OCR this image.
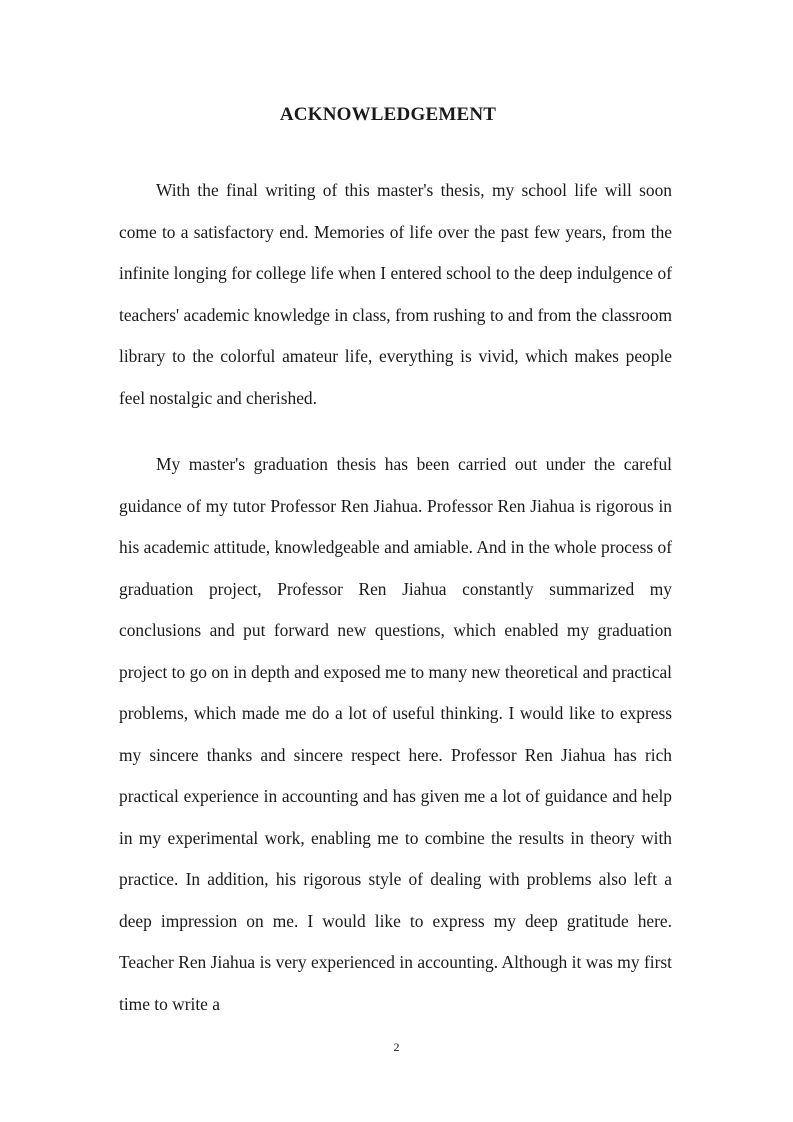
ACKNOWLEDGEMENT

With the final writing of this master's thesis, my school life will soon come to a satisfactory end. Memories of life over the past few years, from the infinite longing for college life when I entered school to the deep indulgence of teachers' academic knowledge in class, from rushing to and from the classroom library to the colorful amateur life, everything is vivid, which makes people feel nostalgic and cherished.

My master's graduation thesis has been carried out under the careful guidance of my tutor Professor Ren Jiahua. Professor Ren Jiahua is rigorous in his academic attitude, knowledgeable and amiable. And in the whole process of graduation project, Professor Ren Jiahua constantly summarized my conclusions and put forward new questions, which enabled my graduation project to go on in depth and exposed me to many new theoretical and practical problems, which made me do a lot of useful thinking. I would like to express my sincere thanks and sincere respect here. Professor Ren Jiahua has rich practical experience in accounting and has given me a lot of guidance and help in my experimental work, enabling me to combine the results in theory with practice. In addition, his rigorous style of dealing with problems also left a deep impression on me. I would like to express my deep gratitude here. Teacher Ren Jiahua is very experienced in accounting. Although it was my first time to write a

2
